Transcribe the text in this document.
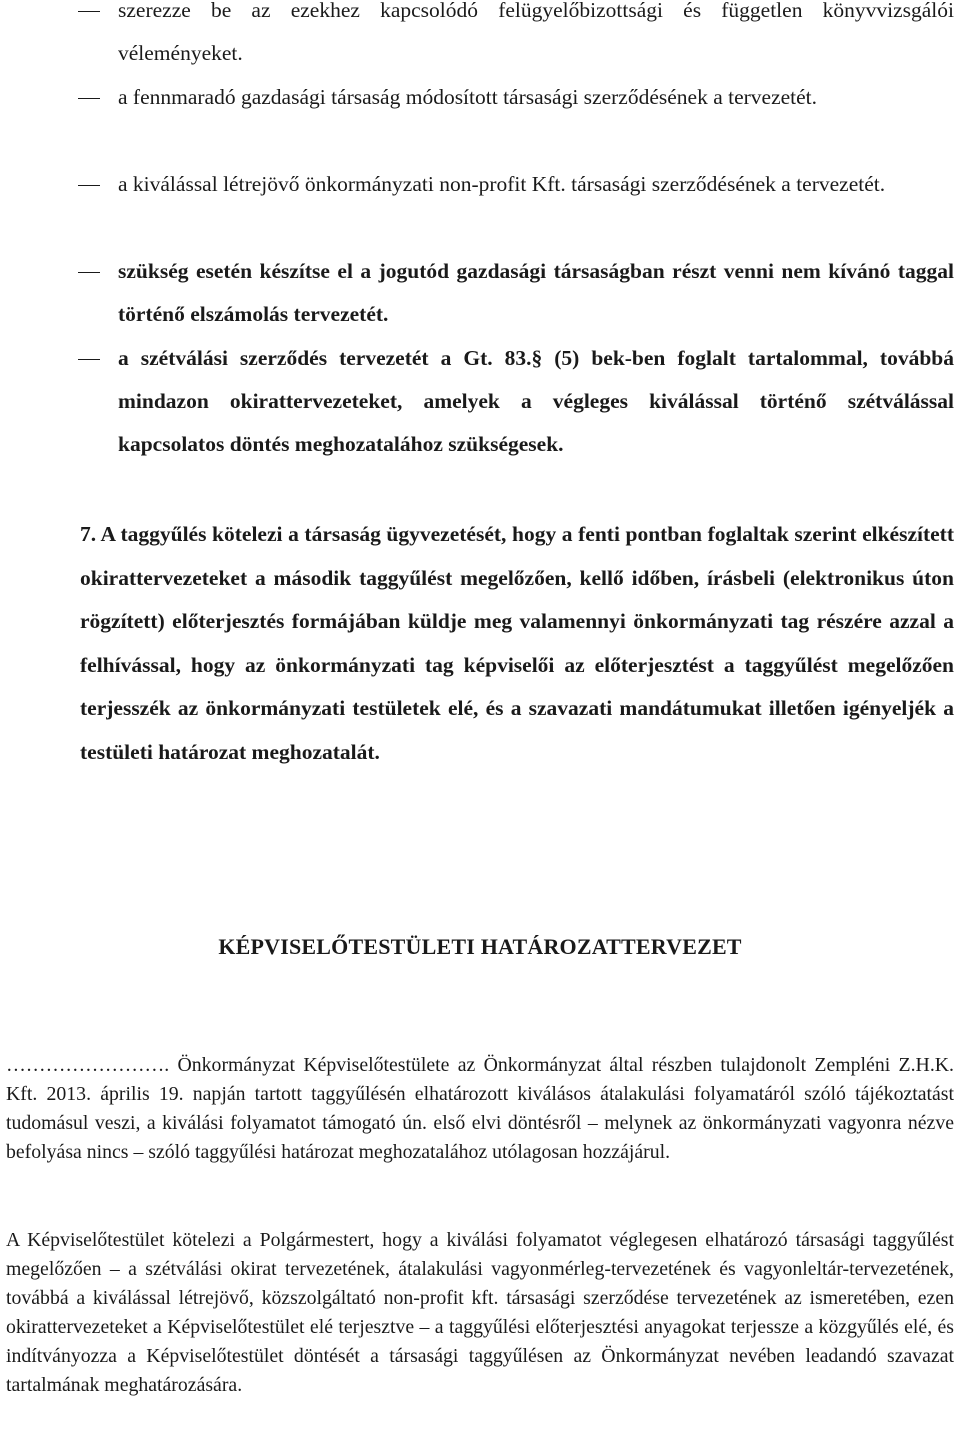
szerezze be az ezekhez kapcsolódó felügyelőbizottsági és független könyvvizsgálói véleményeket.
a fennmaradó gazdasági társaság módosított társasági szerződésének a tervezetét.
a kiválással létrejövő önkormányzati non-profit Kft. társasági szerződésének a tervezetét.
szükség esetén készítse el a jogutód gazdasági társaságban részt venni nem kívánó taggal történő elszámolás tervezetét.
a szétválási szerződés tervezetét a Gt. 83.§ (5) bek-ben foglalt tartalommal, továbbá mindazon okirattervezeteket, amelyek a végleges kiválással történő szétválással kapcsolatos döntés meghozatalához szükségesek.
7. A taggyűlés kötelezi a társaság ügyvezetését, hogy a fenti pontban foglaltak szerint elkészített okirattervezeteket a második taggyűlést megelőzően, kellő időben, írásbeli (elektronikus úton rögzített) előterjesztés formájában küldje meg valamennyi önkormányzati tag részére azzal a felhívással, hogy az önkormányzati tag képviselői az előterjesztést a taggyűlést megelőzően terjesszék az önkormányzati testületek elé, és a szavazati mandátumukat illetően igényeljék a testületi határozat meghozatalát.
KÉPVISELŐTESTÜLETI HATÁROZATTERVEZET
……………………. Önkormányzat Képviselőtestülete az Önkormányzat által részben tulajdonolt Zempléni Z.H.K. Kft. 2013. április 19. napján tartott taggyűlésén elhatározott kiválásos átalakulási folyamatáról szóló tájékoztatást tudomásul veszi, a kiválási folyamatot támogató ún. első elvi döntésről – melynek az önkormányzati vagyonra nézve befolyása nincs – szóló taggyűlési határozat meghozatalához utólagosan hozzájárul.
A Képviselőtestület kötelezi a Polgármestert, hogy a kiválási folyamatot véglegesen elhatározó társasági taggyűlést megelőzően – a szétválási okirat tervezetének, átalakulási vagyonmérleg-tervezetének és vagyonleltár-tervezetének, továbbá a kiválással létrejövő, közszolgáltató non-profit kft. társasági szerződése tervezetének az ismeretében, ezen okirattervezeteket a Képviselőtestület elé terjesztve – a taggyűlési előterjesztési anyagokat terjessze a közgyűlés elé, és indítványozza a Képviselőtestület döntését a társasági taggyűlésen az Önkormányzat nevében leadandó szavazat tartalmának meghatározására.
